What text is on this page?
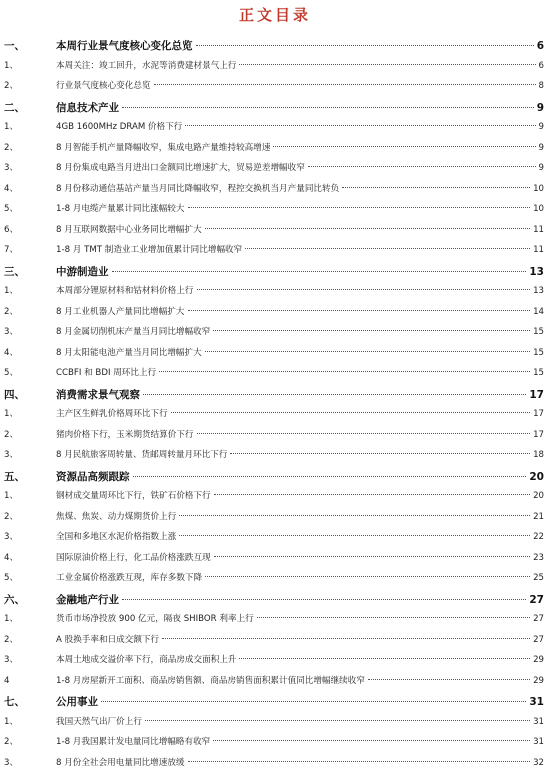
正文目录
一、	本周行业景气度核心变化总览	6
1、	本周关注：竣工回升，水泥等消费建材景气上行	6
2、	行业景气度核心变化总览	8
二、	信息技术产业	9
1、	4GB 1600MHz DRAM 价格下行	9
2、	8 月智能手机产量降幅收窄，集成电路产量维持较高增速	9
3、	8 月份集成电路当月进出口金额同比增速扩大，贸易逆差增幅收窄	9
4、	8 月份移动通信基站产量当月同比降幅收窄，程控交换机当月产量同比转负	10
5、	1-8 月电缆产量累计同比涨幅较大	10
6、	8 月互联网数据中心业务同比增幅扩大	11
7、	1-8 月 TMT 制造业工业增加值累计同比增幅收窄	11
三、	中游制造业	13
1、	本周部分锂原材料和钴材料价格上行	13
2、	8 月工业机器人产量同比增幅扩大	14
3、	8 月金属切削机床产量当月同比增幅收窄	15
4、	8 月太阳能电池产量当月同比增幅扩大	15
5、	CCBFI 和 BDI 周环比上行	15
四、	消费需求景气观察	17
1、	主产区生鲜乳价格周环比下行	17
2、	猪肉价格下行，玉米期货结算价下行	17
3、	8 月民航旅客周转量、货邮周转量月环比下行	18
五、	资源品高频跟踪	20
1、	钢材成交量周环比下行，铁矿石价格下行	20
2、	焦煤、焦炭、动力煤期货价上行	21
3、	全国和多地区水泥价格指数上涨	22
4、	国际原油价格上行，化工品价格涨跌互现	23
5、	工业金属价格涨跌互现，库存多数下降	25
六、	金融地产行业	27
1、	货币市场净投放 900 亿元，隔夜 SHIBOR 利率上行	27
2、	A 股换手率和日成交额下行	27
3、	本周土地成交溢价率下行，商品房成交面积上升	29
4	1-8 月房屋新开工面积、商品房销售额、商品房销售面积累计值同比增幅继续收窄	29
七、	公用事业	31
1、	我国天然气出厂价上行	31
2、	1-8 月我国累计发电量同比增幅略有收窄	31
3、	8 月份全社会用电量同比增速放缓	32
